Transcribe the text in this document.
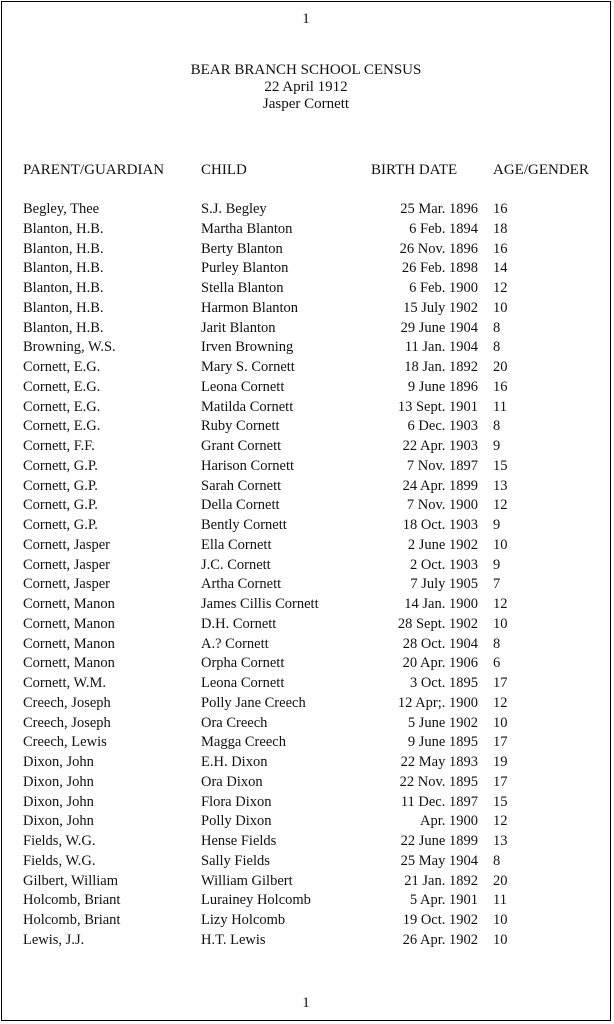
1
BEAR BRANCH SCHOOL CENSUS
22 April 1912
Jasper Cornett
PARENT/GUARDIAN CHILD	BIRTH DATE AGE/GENDER
Begley, Thee	S.J. Begley	25 Mar. 1896 16
Blanton, H.B.	Martha Blanton	6 Feb. 1894 18
Blanton, H.B.	Berty Blanton	26 Nov. 1896 16
Blanton, H.B.	Purley Blanton	26 Feb. 1898 14
Blanton, H.B.	Stella Blanton	6 Feb. 1900 12
Blanton, H.B.	Harmon Blanton	15 July 1902 10
Blanton, H.B.	Jarit Blanton	29 June 1904 8
Browning, W.S.	Irven Browning	11 Jan. 1904 8
Cornett, E.G.	Mary S. Cornett	18 Jan. 1892 20
Cornett, E.G.	Leona Cornett	9 June 1896 16
Cornett, E.G.	Matilda Cornett	13 Sept. 1901 11
Cornett, E.G.	Ruby Cornett	6 Dec. 1903 8
Cornett, F.F.	Grant Cornett	22 Apr. 1903 9
Cornett, G.P.	Harison Cornett	7 Nov. 1897 15
Cornett, G.P.	Sarah Cornett	24 Apr. 1899 13
Cornett, G.P.	Della Cornett	7 Nov. 1900 12
Cornett, G.P.	Bently Cornett	18 Oct. 1903 9
Cornett, Jasper	Ella Cornett	2 June 1902 10
Cornett, Jasper	J.C. Cornett	2 Oct. 1903 9
Cornett, Jasper	Artha Cornett	7 July 1905 7
Cornett, Manon	James Cillis Cornett	14 Jan. 1900 12
Cornett, Manon	D.H. Cornett	28 Sept. 1902 10
Cornett, Manon	A.? Cornett	28 Oct. 1904 8
Cornett, Manon	Orpha Cornett	20 Apr. 1906 6
Cornett, W.M.	Leona Cornett	3 Oct. 1895 17
Creech, Joseph	Polly Jane Creech	12 Apr;. 1900 12
Creech, Joseph	Ora Creech	5 June 1902 10
Creech, Lewis	Magga Creech	9 June 1895 17
Dixon, John	E.H. Dixon	22 May 1893 19
Dixon, John	Ora Dixon	22 Nov. 1895 17
Dixon, John	Flora Dixon	11 Dec. 1897 15
Dixon, John	Polly Dixon	Apr. 1900 12
Fields, W.G.	Hense Fields	22 June 1899 13
Fields, W.G.	Sally Fields	25 May 1904 8
Gilbert, William	William Gilbert	21 Jan. 1892 20
Holcomb, Briant	Lurainey Holcomb	5 Apr. 1901 11
Holcomb, Briant	Lizy Holcomb	19 Oct. 1902 10
Lewis, J.J.	H.T. Lewis	26 Apr. 1902 10
1
